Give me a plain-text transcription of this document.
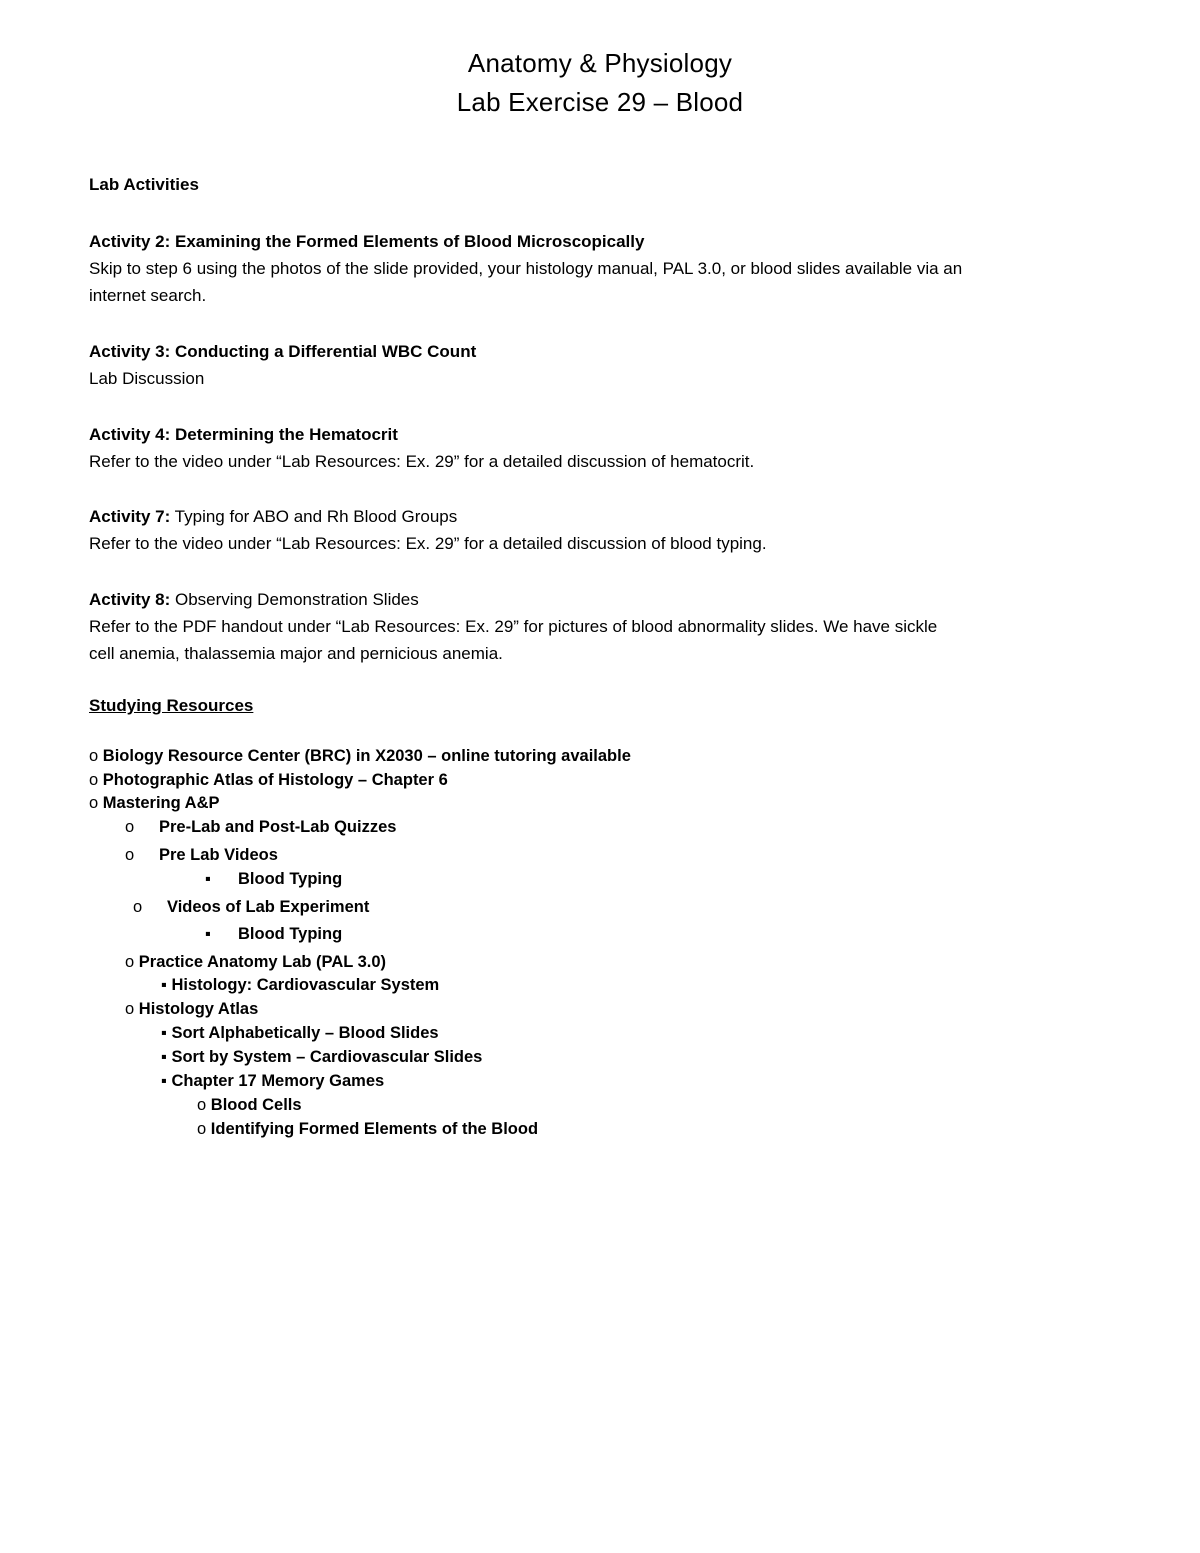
Anatomy & Physiology
Lab Exercise 29 – Blood
Lab Activities

Activity 2: Examining the Formed Elements of Blood Microscopically

Skip to step 6 using the photos of the slide provided, your histology manual, PAL 3.0, or blood slides available via an

internet search.

Activity 3: Conducting a Differential WBC Count

Lab Discussion

Activity 4: Determining the Hematocrit

Refer to the video under “Lab Resources: Ex. 29” for a detailed discussion of hematocrit.

Activity 7: Typing for ABO and Rh Blood Groups

Refer to the video under “Lab Resources: Ex. 29” for a detailed discussion of blood typing.

Activity 8: Observing Demonstration Slides

Refer to the PDF handout under “Lab Resources: Ex. 29” for pictures of blood abnormality slides. We have sickle

cell anemia, thalassemia major and pernicious anemia.

Studying Resources
o Biology Resource Center (BRC) in X2030 – online tutoring available
o Photographic Atlas of Histology – Chapter 6
o Mastering A&P
o Pre-Lab and Post-Lab Quizzes
o Pre Lab Videos
▪ Blood Typing
o Videos of Lab Experiment
▪ Blood Typing
o Practice Anatomy Lab (PAL 3.0)
▪ Histology: Cardiovascular System
o Histology Atlas
▪ Sort Alphabetically – Blood Slides
▪ Sort by System – Cardiovascular Slides
▪ Chapter 17 Memory Games
o Blood Cells
o Identifying Formed Elements of the Blood
